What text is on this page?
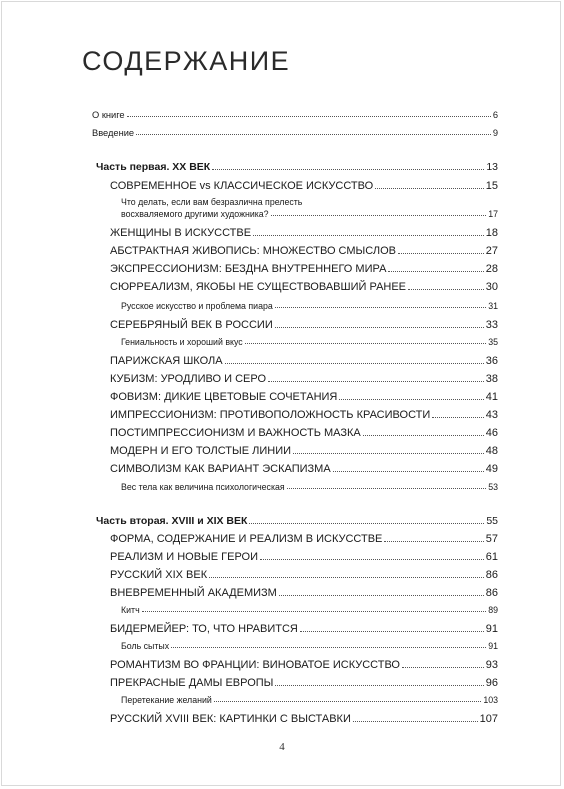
СОДЕРЖАНИЕ
О книге	6
Введение	9
Часть первая. XX ВЕК	13
СОВРЕМЕННОЕ vs КЛАССИЧЕСКОЕ ИСКУССТВО	15
Что делать, если вам безразлична прелесть
восхваляемого другими художника?	17
ЖЕНЩИНЫ В ИСКУССТВЕ	18
АБСТРАКТНАЯ ЖИВОПИСЬ: МНОЖЕСТВО СМЫСЛОВ	27
ЭКСПРЕССИОНИЗМ: БЕЗДНА ВНУТРЕННЕГО МИРА	28
СЮРРЕАЛИЗМ, ЯКОБЫ НЕ СУЩЕСТВОВАВШИЙ РАНЕЕ	30
Русское искусство и проблема пиара	31
СЕРЕБРЯНЫЙ ВЕК В РОССИИ	33
Гениальность и хороший вкус	35
ПАРИЖСКАЯ ШКОЛА	36
КУБИЗМ: УРОДЛИВО И СЕРО	38
ФОВИЗМ: ДИКИЕ ЦВЕТОВЫЕ СОЧЕТАНИЯ	41
ИМПРЕССИОНИЗМ: ПРОТИВОПОЛОЖНОСТЬ КРАСИВОСТИ	43
ПОСТИМПРЕССИОНИЗМ И ВАЖНОСТЬ МАЗКА	46
МОДЕРН И ЕГО ТОЛСТЫЕ ЛИНИИ	48
СИМВОЛИЗМ КАК ВАРИАНТ ЭСКАПИЗМА	49
Вес тела как величина психологическая	53
Часть вторая. XVIII и XIX ВЕК	55
ФОРМА, СОДЕРЖАНИЕ И РЕАЛИЗМ В ИСКУССТВЕ	57
РЕАЛИЗМ И НОВЫЕ ГЕРОИ	61
РУССКИЙ XIX ВЕК	86
ВНЕВРЕМЕННЫЙ АКАДЕМИЗМ	86
Китч	89
БИДЕРМЕЙЕР: ТО, ЧТО НРАВИТСЯ	91
Боль сытых	91
РОМАНТИЗМ ВО ФРАНЦИИ: ВИНОВАТОЕ ИСКУССТВО	93
ПРЕКРАСНЫЕ ДАМЫ ЕВРОПЫ	96
Перетекание желаний	103
РУССКИЙ XVIII ВЕК: КАРТИНКИ С ВЫСТАВКИ	107
4
